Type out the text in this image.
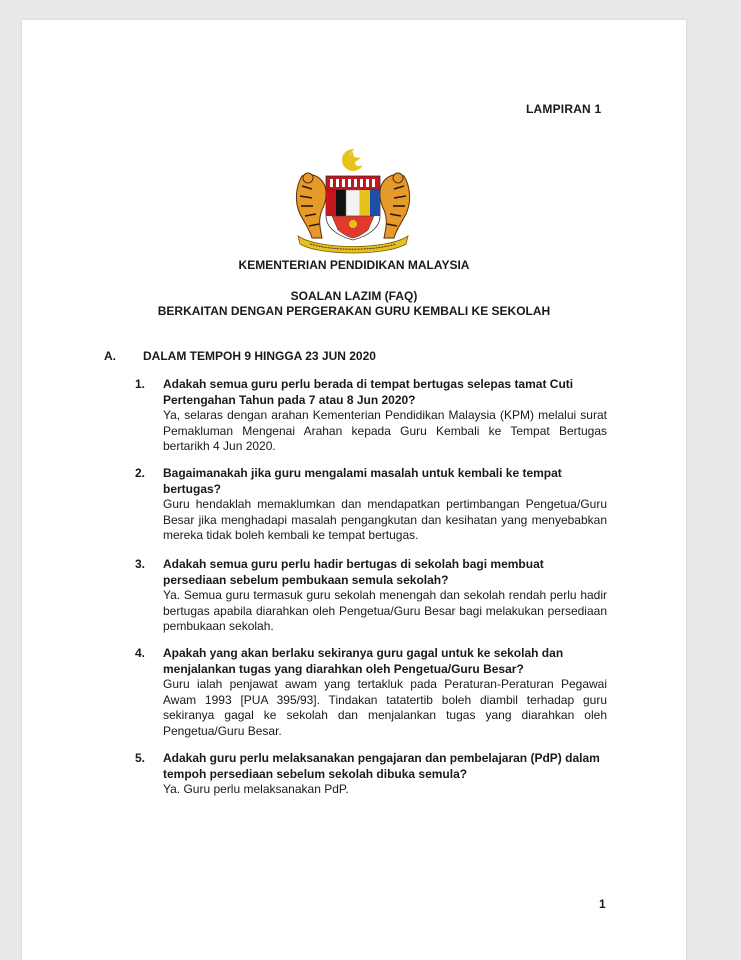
LAMPIRAN 1
KEMENTERIAN PENDIDIKAN MALAYSIA
SOALAN LAZIM (FAQ)
BERKAITAN DENGAN PERGERAKAN GURU KEMBALI KE SEKOLAH
A. DALAM TEMPOH 9 HINGGA 23 JUN 2020
1. Adakah semua guru perlu berada di tempat bertugas selepas tamat Cuti Pertengahan Tahun pada 7 atau 8 Jun 2020?
Ya, selaras dengan arahan Kementerian Pendidikan Malaysia (KPM) melalui surat Pemakluman Mengenai Arahan kepada Guru Kembali ke Tempat Bertugas bertarikh 4 Jun 2020.
2. Bagaimanakah jika guru mengalami masalah untuk kembali ke tempat bertugas?
Guru hendaklah memaklumkan dan mendapatkan pertimbangan Pengetua/Guru Besar jika menghadapi masalah pengangkutan dan kesihatan yang menyebabkan mereka tidak boleh kembali ke tempat bertugas.
3. Adakah semua guru perlu hadir bertugas di sekolah bagi membuat persediaan sebelum pembukaan semula sekolah?
Ya. Semua guru termasuk guru sekolah menengah dan sekolah rendah perlu hadir bertugas apabila diarahkan oleh Pengetua/Guru Besar bagi melakukan persediaan pembukaan sekolah.
4. Apakah yang akan berlaku sekiranya guru gagal untuk ke sekolah dan menjalankan tugas yang diarahkan oleh Pengetua/Guru Besar?
Guru ialah penjawat awam yang tertakluk pada Peraturan-Peraturan Pegawai Awam 1993 [PUA 395/93]. Tindakan tatatertib boleh diambil terhadap guru sekiranya gagal ke sekolah dan menjalankan tugas yang diarahkan oleh Pengetua/Guru Besar.
5. Adakah guru perlu melaksanakan pengajaran dan pembelajaran (PdP) dalam tempoh persediaan sebelum sekolah dibuka semula?
Ya. Guru perlu melaksanakan PdP.
1
